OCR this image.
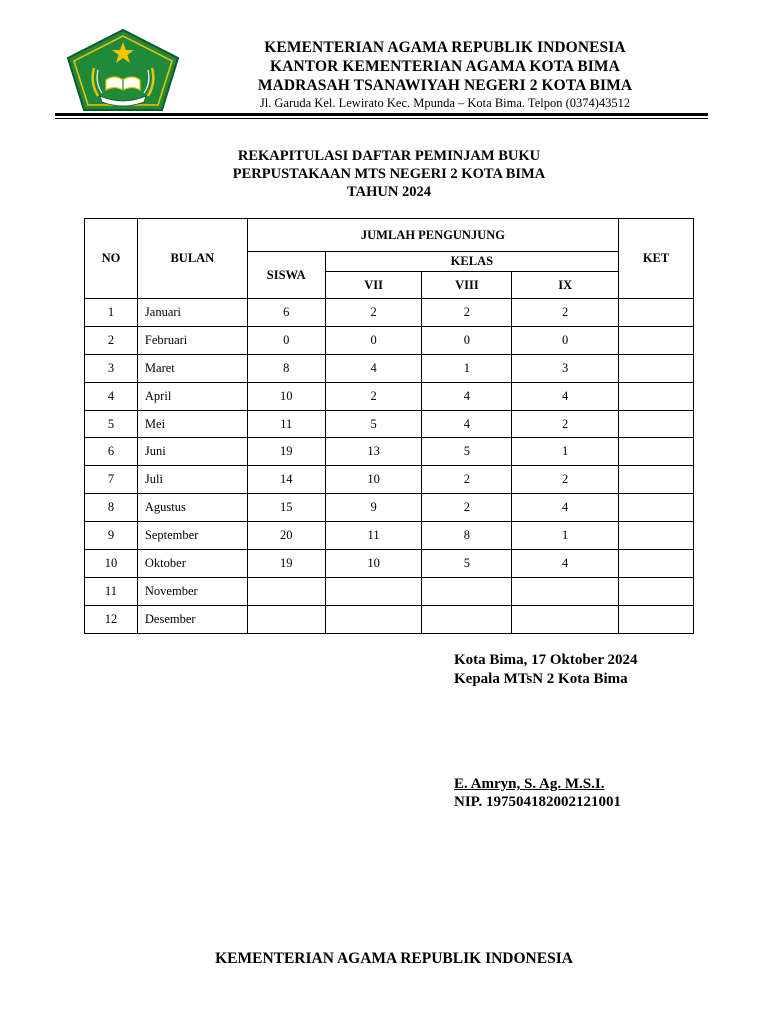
KEMENTERIAN AGAMA REPUBLIK INDONESIA
KANTOR KEMENTERIAN AGAMA KOTA BIMA
MADRASAH TSANAWIYAH NEGERI 2 KOTA BIMA
Jl. Garuda Kel. Lewirato Kec. Mpunda – Kota Bima. Telpon (0374)43512
REKAPITULASI DAFTAR PEMINJAM BUKU
PERPUSTAKAAN MTS NEGERI 2 KOTA BIMA
TAHUN 2024
NO	BULAN	JUMLAH PENGUNJUNG				KET
		SISWA	KELAS			
			VII	VIII	IX	
1	Januari	6	2	2	2	
2	Februari	0	0	0	0	
3	Maret	8	4	1	3	
4	April	10	2	4	4	
5	Mei	11	5	4	2	
6	Juni	19	13	5	1	
7	Juli	14	10	2	2	
8	Agustus	15	9	2	4	
9	September	20	11	8	1	
10	Oktober	19	10	5	4	
11	November					
12	Desember					
Kota Bima, 17 Oktober 2024
Kepala MTsN 2 Kota Bima
E. Amryn, S. Ag. M.S.I.
NIP. 197504182002121001
KEMENTERIAN AGAMA REPUBLIK INDONESIA
